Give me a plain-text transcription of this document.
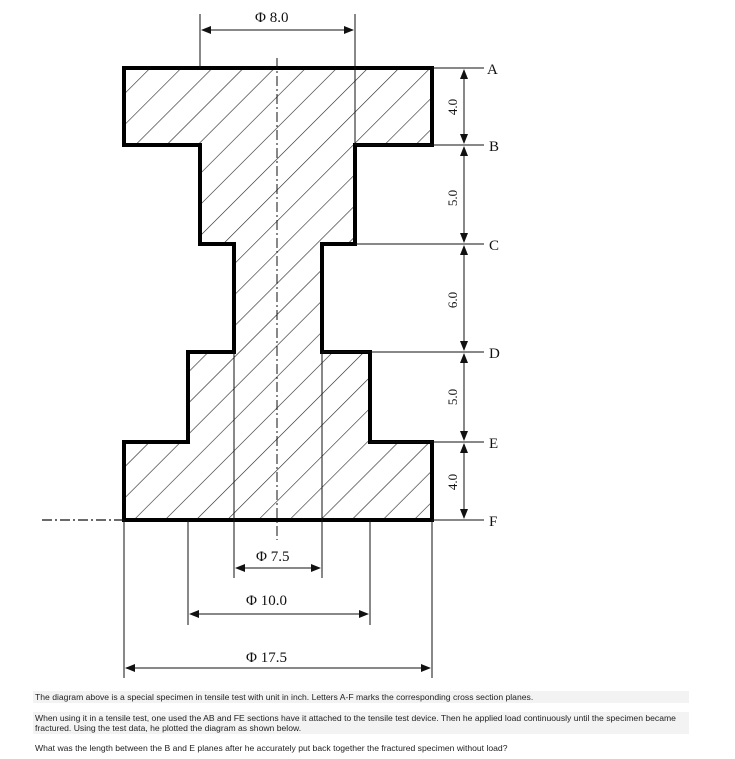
Φ 8.0
Φ 7.5
Φ 10.0
Φ 17.5
4.0
5.0
6.0
5.0
4.0
A
B
C
D
E
F
The diagram above is a special specimen in tensile test with unit in inch. Letters A-F marks the corresponding cross section planes.
When using it in a tensile test, one used the AB and FE sections have it attached to the tensile test device. Then he applied load continuously until the specimen became fractured. Using the test data, he plotted the diagram as shown below.
What was the length between the B and E planes after he accurately put back together the fractured specimen without load?
